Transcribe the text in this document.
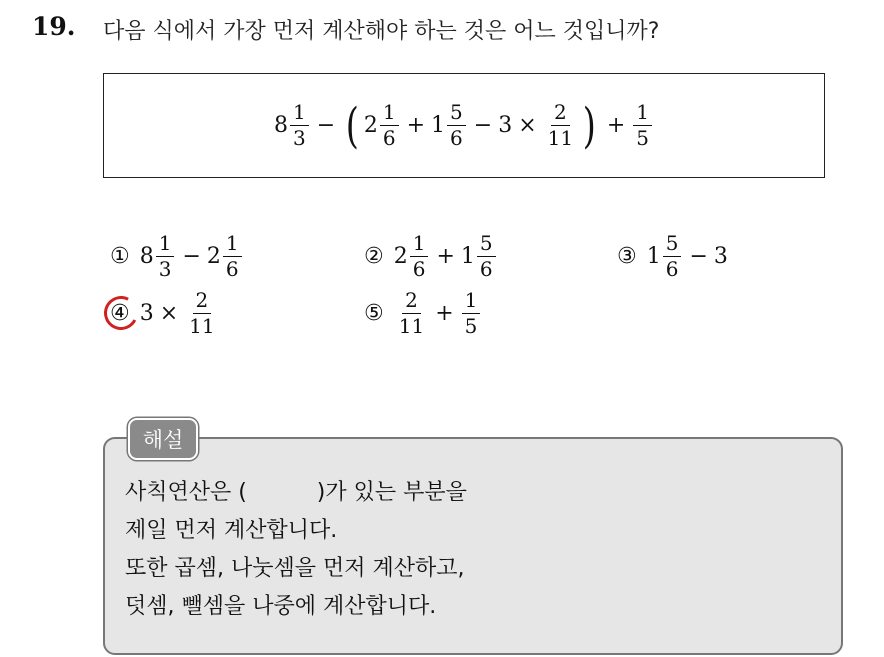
19. 다음 식에서 가장 먼저 계산해야 하는 것은 어느 것입니까?
$8 \frac{1}{3}$ − ( $2 \frac{1}{6} + 1 \frac{5}{6} - 3 \times \frac{2}{11}$ ) + $\frac{1}{5}$
① $8 \frac{1}{3} - 2 \frac{1}{6}$	② $2 \frac{1}{6} + 1 \frac{5}{6}$	③ $1 \frac{5}{6} - 3$
④ $3 \times \frac{2}{11}$	⑤ $\frac{2}{11} + \frac{1}{5}$
해설
사칙연산은 (          )가 있는 부분을
제일 먼저 계산합니다.
또한 곱셈, 나눗셈을 먼저 계산하고,
덧셈, 뺄셈을 나중에 계산합니다.
